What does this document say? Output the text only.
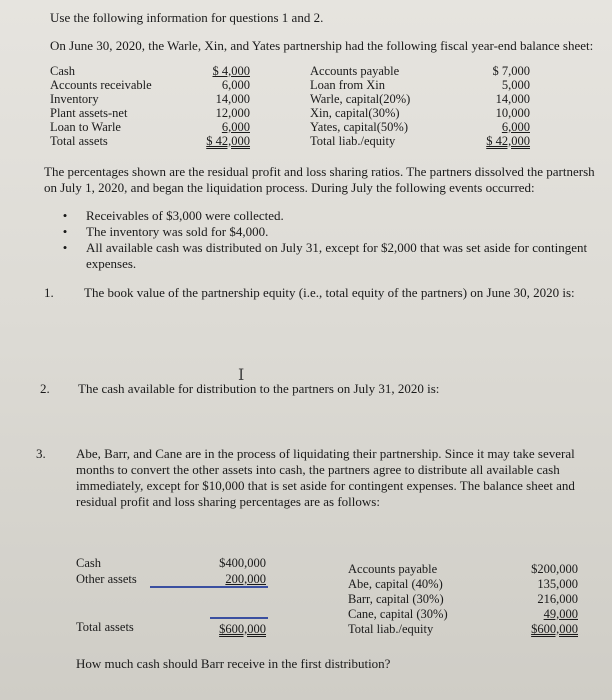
Use the following information for questions 1 and 2.
On June 30, 2020, the Warle, Xin, and Yates partnership had the following fiscal year-end balance sheet:
Cash
Accounts receivable
Inventory
Plant assets-net
Loan to Warle
Total assets
$ 4,000
6,000
14,000
12,000
6,000
$ 42,000
Accounts payable
Loan from Xin
Warle, capital(20%)
Xin, capital(30%)
Yates, capital(50%)
Total liab./equity
$ 7,000
5,000
14,000
10,000
6,000
$ 42,000
The percentages shown are the residual profit and loss sharing ratios. The partners dissolved the partnersh
on July 1, 2020, and began the liquidation process. During July the following events occurred:
•
•
•
Receivables of $3,000 were collected.
The inventory was sold for $4,000.
All available cash was distributed on July 31, except for $2,000 that was set aside for contingent
expenses.
1. The book value of the partnership equity (i.e., total equity of the partners) on June 30, 2020 is:
I
2. The cash available for distribution to the partners on July 31, 2020 is:
3. Abe, Barr, and Cane are in the process of liquidating their partnership. Since it may take several
months to convert the other assets into cash, the partners agree to distribute all available cash
immediately, except for $10,000 that is set aside for contingent expenses. The balance sheet and
residual profit and loss sharing percentages are as follows:
Cash
Other assets
$400,000
200,000
Total assets	$600,000
Accounts payable
Abe, capital (40%)
Barr, capital (30%)
Cane, capital (30%)
Total liab./equity
$200,000
135,000
216,000
49,000
$600,000
How much cash should Barr receive in the first distribution?
